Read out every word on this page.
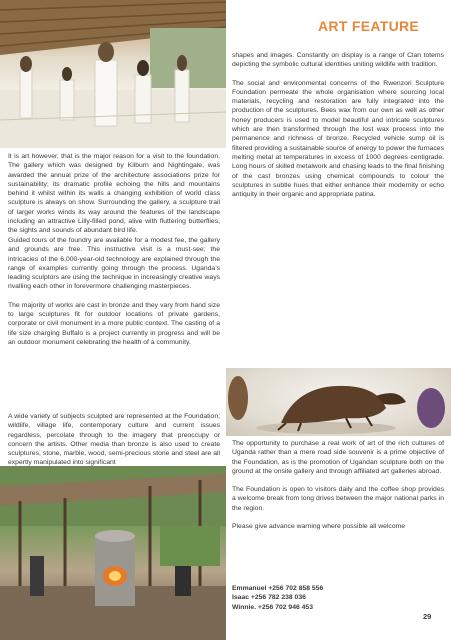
ART FEATURE

shapes and images. Constantly on display is a range of Clan totems depicting the symbolic cultural identities uniting wildlife with tradition.

The social and environmental concerns of the Rwenzori Sculpture Foundation permeate the whole organisation where sourcing local materials, recycling and restoration are fully integrated into the production of the sculptures. Bees wax from our own as well as other honey producers is used to model beautiful and intricate sculptures which are then transformed through the lost wax process into the permanence and richness of bronze. Recycled vehicle sump oil is filtered providing a sustainable source of energy to power the furnaces melting metal at temperatures in excess of 1000 degrees centigrade. Long hours of skilled metalwork and chasing leads to the final finishing of the cast bronzes using chemical compounds to colour the sculptures in subtle hues that either enhance their modernity or echo antiquity in their organic and appropriate patina.

It is art however, that is the major reason for a visit to the foundation. The gallery which was designed by Kilburn and Nightingale, was awarded the annual prize of the architecture associations prize for sustainability; its dramatic profile echoing the hills and mountains behind it whilst within its walls a changing exhibition of world class sculpture is always on show. Surrounding the gallery, a sculpture trail of larger works winds its way around the features of the landscape including an attractive Lilly-filled pond, alive with fluttering butterflies, the sights and sounds of abundant bird life.

Guided tours of the foundry are available for a modest fee, the gallery and grounds are free. This instructive visit is a must-see; the intricacies of the 6,000-year-old technology are explained through the range of examples currently going through the process. Uganda’s leading sculptors are using the technique in increasingly creative ways rivalling each other in forevermore challenging masterpieces.

The majority of works are cast in bronze and they vary from hand size to large sculptures fit for outdoor locations of private gardens, corporate or civil monument in a more public context. The casting of a life size charging Buffalo is a project currently in progress and will be an outdoor monument celebrating the health of a community.

A wide variety of subjects sculpted are represented at the Foundation; wildlife, village life, contemporary culture and current issues regardless, percolate through to the imagery that preoccupy or concern the artists. Other media than bronze is also used to create sculptures, stone, marble, wood, semi-precious stone and steel are all expertly manipulated into significant

The opportunity to purchase a real work of art of the rich cultures of Uganda rather than a mere road side souvenir is a prime objective of the Foundation, as is the promotion of Ugandan sculpture both on the ground at the onsite gallery and through affiliated art galleries abroad.

The Foundation is open to visitors daily and the coffee shop provides a welcome break from long drives between the major national parks in the region.

Please give advance warning where possible all welcome

Emmanuel +256 702 858 556
Isaac +256 782 238 036
Winnie. +256 702 946 453
29
